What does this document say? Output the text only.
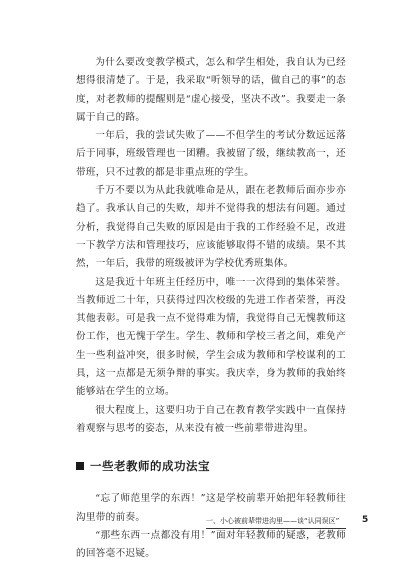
为什么要改变教学模式，怎么和学生相处，我自认为已经想得很清楚了。于是，我采取“听领导的话，做自己的事”的态度，对老教师的提醒则是“虚心接受，坚决不改”。我要走一条属于自己的路。

一年后，我的尝试失败了——不但学生的考试分数远远落后于同事，班级管理也一团糟。我被留了级，继续教高一，还带班，只不过教的都是非重点班的学生。

千万不要以为从此我就唯命是从，跟在老教师后面亦步亦趋了。我承认自己的失败，却并不觉得我的想法有问题。通过分析，我觉得自己失败的原因是由于我的工作经验不足，改进一下教学方法和管理技巧，应该能够取得不错的成绩。果不其然，一年后，我带的班级被评为学校优秀班集体。

这是我近十年班主任经历中，唯一一次得到的集体荣誉。当教师近二十年，只获得过四次校级的先进工作者荣誉，再没其他表彰。可是我一点不觉得难为情，我觉得自己无愧教师这份工作，也无愧于学生。学生、教师和学校三者之间，难免产生一些利益冲突，很多时候，学生会成为教师和学校谋利的工具，这一点都是无须争辩的事实。我庆幸，身为教师的我始终能够站在学生的立场。

很大程度上，这要归功于自己在教育教学实践中一直保持着观察与思考的姿态，从来没有被一些前辈带进沟里。

一些老教师的成功法宝

“忘了师范里学的东西！”这是学校前辈开始把年轻教师往沟里带的前奏。

“那些东西一点都没有用！”面对年轻教师的疑惑，老教师的回答毫不迟疑。

一、小心被前辈带进沟里——谈“认同误区”	5
